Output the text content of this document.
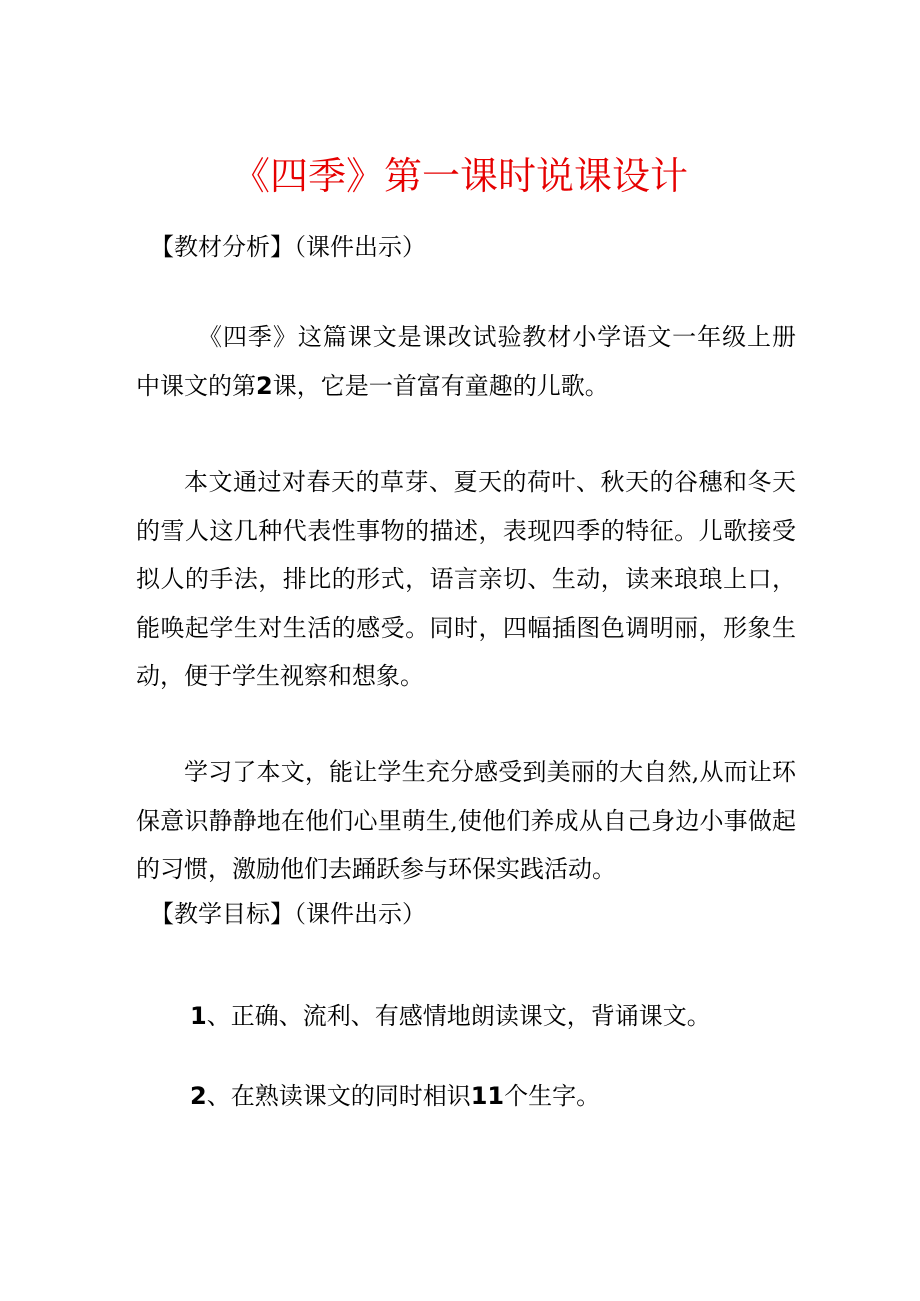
《四季》第一课时说课设计
【教材分析】（课件出示）

《四季》这篇课文是课改试验教材小学语文一年级上册中课文的第2课，它是一首富有童趣的儿歌。

本文通过对春天的草芽、夏天的荷叶、秋天的谷穗和冬天的雪人这几种代表性事物的描述，表现四季的特征。儿歌接受拟人的手法，排比的形式，语言亲切、生动，读来琅琅上口，能唤起学生对生活的感受。同时，四幅插图色调明丽，形象生动，便于学生视察和想象。

学习了本文，能让学生充分感受到美丽的大自然,从而让环保意识静静地在他们心里萌生,使他们养成从自己身边小事做起的习惯，激励他们去踊跃参与环保实践活动。

【教学目标】（课件出示）
1、正确、流利、有感情地朗读课文，背诵课文。
2、在熟读课文的同时相识11个生字。
